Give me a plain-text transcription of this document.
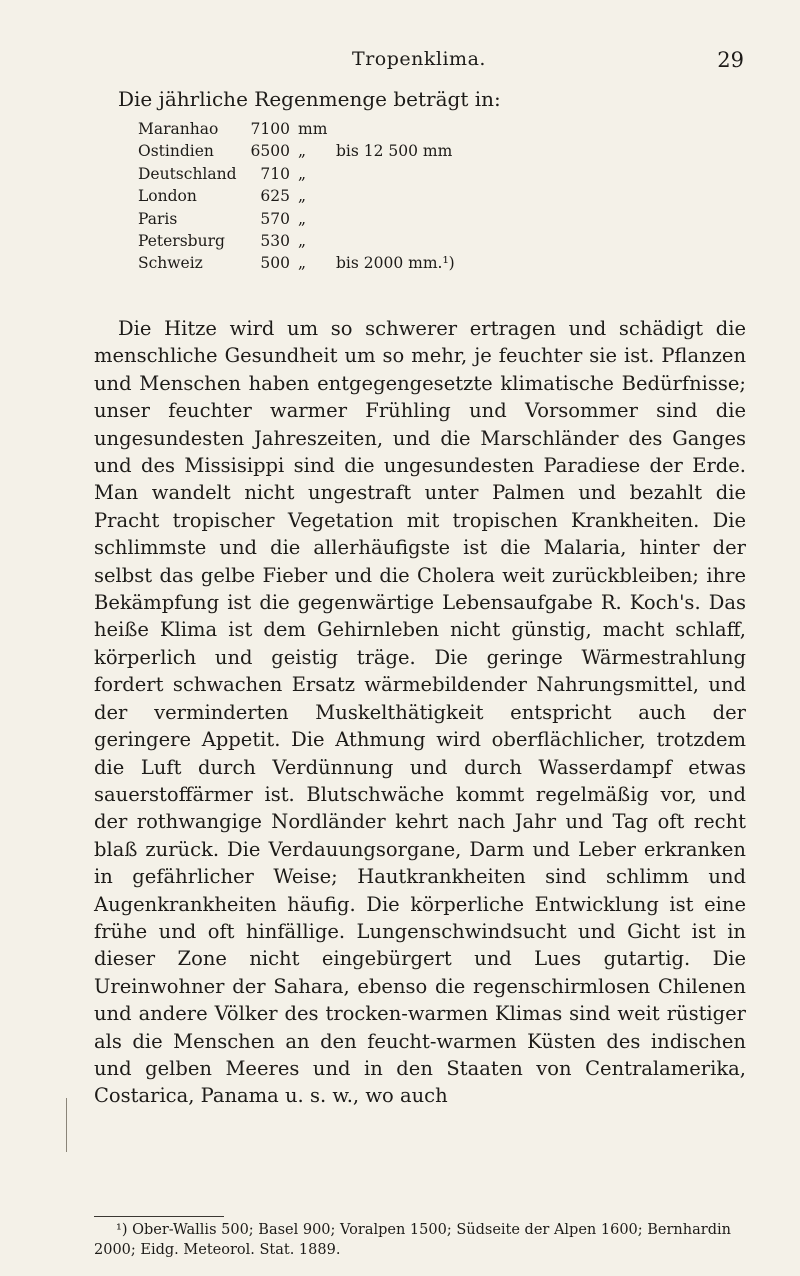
Tropenklima.	29

Die jährliche Regenmenge beträgt in:

Maranhao	7100 mm
Ostindien	6500 „ bis 12 500 mm
Deutschland	710 „
London	625 „
Paris	570 „
Petersburg	530 „
Schweiz	500 „ bis 2000 mm.¹)

Die Hitze wird um so schwerer ertragen und schädigt die menschliche Gesundheit um so mehr, je feuchter sie ist. Pflanzen und Menschen haben entgegengesetzte klimatische Bedürfnisse; unser feuchter warmer Frühling und Vorsommer sind die ungesundesten Jahreszeiten, und die Marschländer des Ganges und des Missisippi sind die ungesundesten Paradiese der Erde. Man wandelt nicht ungestraft unter Palmen und bezahlt die Pracht tropischer Vegetation mit tropischen Krankheiten. Die schlimmste und die allerhäufigste ist die Malaria, hinter der selbst das gelbe Fieber und die Cholera weit zurückbleiben; ihre Bekämpfung ist die gegenwärtige Lebensaufgabe R. Koch's. Das heiße Klima ist dem Gehirnleben nicht günstig, macht schlaff, körperlich und geistig träge. Die geringe Wärmestrahlung fordert schwachen Ersatz wärmebildender Nahrungsmittel, und der verminderten Muskelthätigkeit entspricht auch der geringere Appetit. Die Athmung wird oberflächlicher, trotzdem die Luft durch Verdünnung und durch Wasserdampf etwas sauerstoffärmer ist. Blutschwäche kommt regelmäßig vor, und der rothwangige Nordländer kehrt nach Jahr und Tag oft recht blaß zurück. Die Verdauungsorgane, Darm und Leber erkranken in gefährlicher Weise; Hautkrankheiten sind schlimm und Augenkrankheiten häufig. Die körperliche Entwicklung ist eine frühe und oft hinfällige. Lungenschwindsucht und Gicht ist in dieser Zone nicht eingebürgert und Lues gutartig. Die Ureinwohner der Sahara, ebenso die regenschirmlosen Chilenen und andere Völker des trocken-warmen Klimas sind weit rüstiger als die Menschen an den feucht-warmen Küsten des indischen und gelben Meeres und in den Staaten von Centralamerika, Costarica, Panama u. s. w., wo auch

¹) Ober-Wallis 500; Basel 900; Voralpen 1500; Südseite der Alpen 1600; Bernhardin 2000; Eidg. Meteorol. Stat. 1889.
